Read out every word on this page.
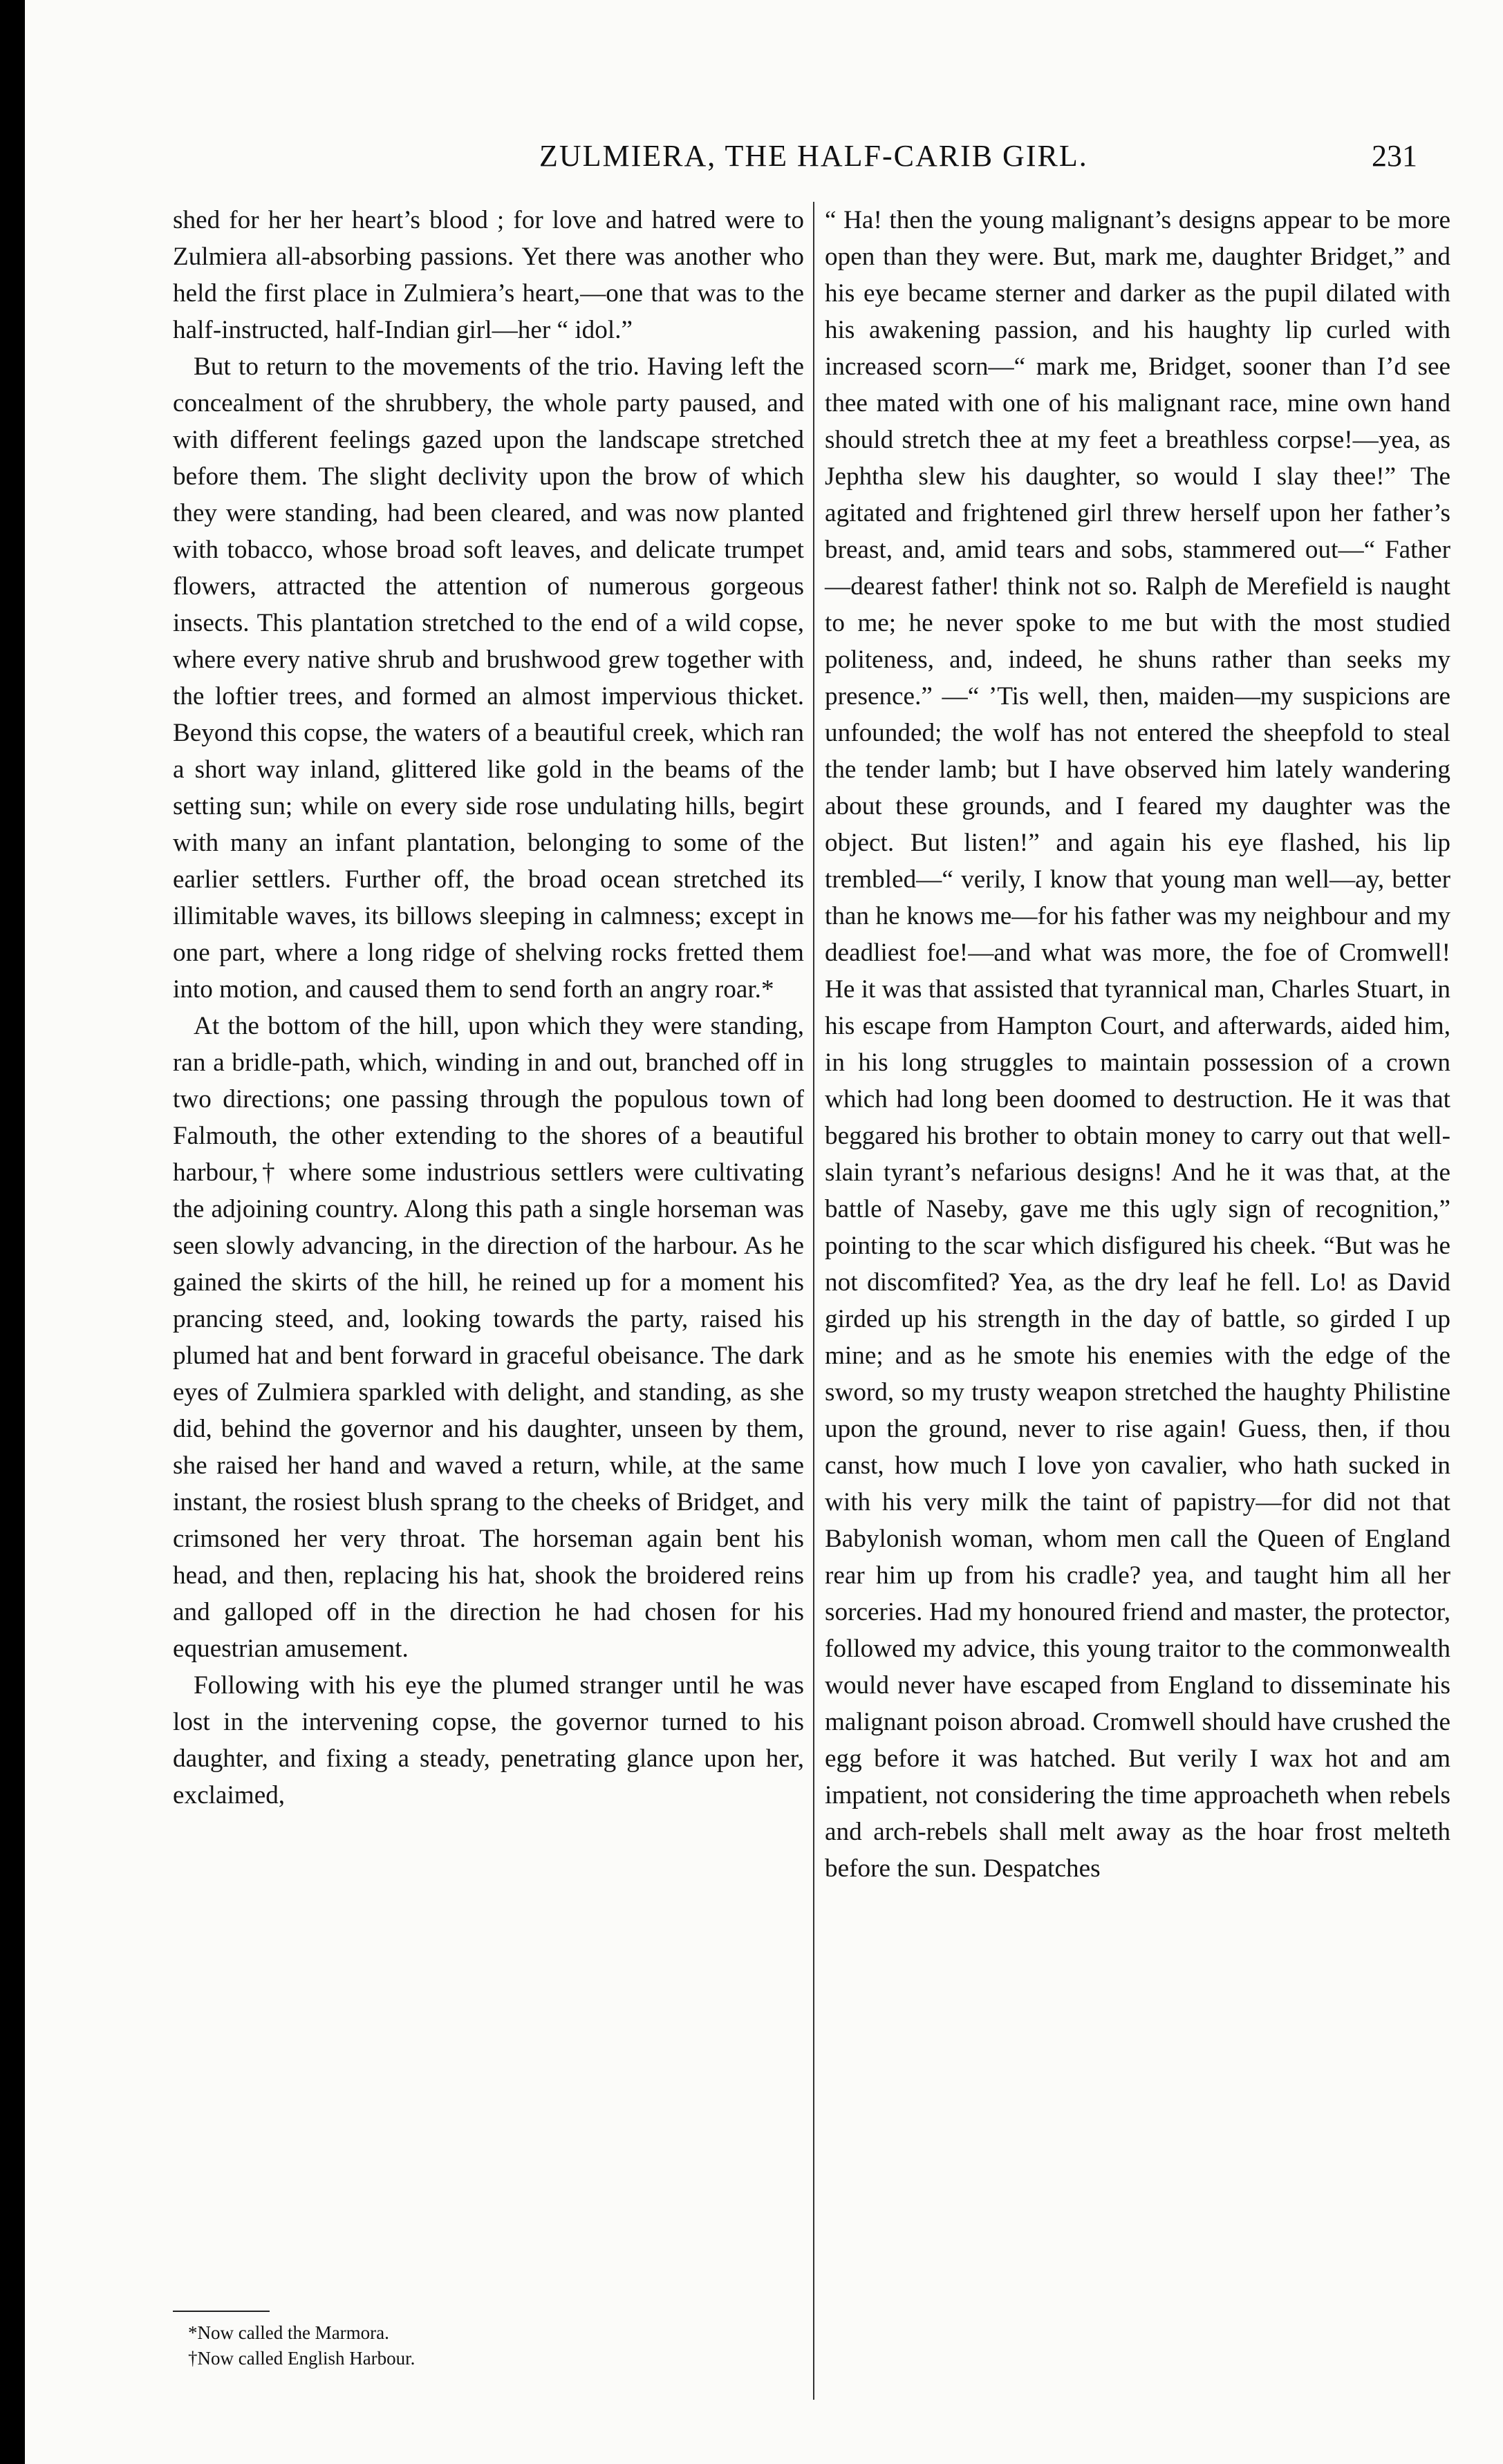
ZULMIERA, THE HALF-CARIB GIRL.	231

shed for her her heart’s blood ; for love and hatred were to Zulmiera all-absorbing passions. Yet there was another who held the first place in Zulmiera’s heart,—one that was to the half-instructed, half-Indian girl—her “ idol.”

But to return to the movements of the trio. Having left the concealment of the shrubbery, the whole party paused, and with different feelings gazed upon the landscape stretched before them. The slight declivity upon the brow of which they were standing, had been cleared, and was now planted with tobacco, whose broad soft leaves, and delicate trumpet flowers, attracted the attention of numerous gorgeous insects. This plantation stretched to the end of a wild copse, where every native shrub and brushwood grew together with the loftier trees, and formed an almost impervious thicket. Beyond this copse, the waters of a beautiful creek, which ran a short way inland, glittered like gold in the beams of the setting sun; while on every side rose undulating hills, begirt with many an infant plantation, belonging to some of the earlier settlers. Further off, the broad ocean stretched its illimitable waves, its billows sleeping in calmness; except in one part, where a long ridge of shelving rocks fretted them into motion, and caused them to send forth an angry roar.*

At the bottom of the hill, upon which they were standing, ran a bridle-path, which, winding in and out, branched off in two directions; one passing through the populous town of Falmouth, the other extending to the shores of a beautiful harbour,† where some industrious settlers were cultivating the adjoining country. Along this path a single horseman was seen slowly advancing, in the direction of the harbour. As he gained the skirts of the hill, he reined up for a moment his prancing steed, and, looking towards the party, raised his plumed hat and bent forward in graceful obeisance. The dark eyes of Zulmiera sparkled with delight, and standing, as she did, behind the governor and his daughter, unseen by them, she raised her hand and waved a return, while, at the same instant, the rosiest blush sprang to the cheeks of Bridget, and crimsoned her very throat. The horseman again bent his head, and then, replacing his hat, shook the broidered reins and galloped off in the direction he had chosen for his equestrian amusement.

Following with his eye the plumed stranger until he was lost in the intervening copse, the governor turned to his daughter, and fixing a steady, penetrating glance upon her, exclaimed,

“ Ha! then the young malignant’s designs appear to be more open than they were. But, mark me, daughter Bridget,” and his eye became sterner and darker as the pupil dilated with his awakening passion, and his haughty lip curled with increased scorn—“ mark me, Bridget, sooner than I’d see thee mated with one of his malignant race, mine own hand should stretch thee at my feet a breathless corpse!—yea, as Jephtha slew his daughter, so would I slay thee!” The agitated and frightened girl threw herself upon her father’s breast, and, amid tears and sobs, stammered out—“ Father—dearest father! think not so. Ralph de Merefield is naught to me; he never spoke to me but with the most studied politeness, and, indeed, he shuns rather than seeks my presence.” —“ ’Tis well, then, maiden—my suspicions are unfounded; the wolf has not entered the sheepfold to steal the tender lamb; but I have observed him lately wandering about these grounds, and I feared my daughter was the object. But listen!” and again his eye flashed, his lip trembled—“ verily, I know that young man well—ay, better than he knows me—for his father was my neighbour and my deadliest foe!—and what was more, the foe of Cromwell! He it was that assisted that tyrannical man, Charles Stuart, in his escape from Hampton Court, and afterwards, aided him, in his long struggles to maintain possession of a crown which had long been doomed to destruction. He it was that beggared his brother to obtain money to carry out that well-slain tyrant’s nefarious designs! And he it was that, at the battle of Naseby, gave me this ugly sign of recognition,” pointing to the scar which disfigured his cheek. “But was he not discomfited? Yea, as the dry leaf he fell. Lo! as David girded up his strength in the day of battle, so girded I up mine; and as he smote his enemies with the edge of the sword, so my trusty weapon stretched the haughty Philistine upon the ground, never to rise again! Guess, then, if thou canst, how much I love yon cavalier, who hath sucked in with his very milk the taint of papistry—for did not that Babylonish woman, whom men call the Queen of England rear him up from his cradle? yea, and taught him all her sorceries. Had my honoured friend and master, the protector, followed my advice, this young traitor to the commonwealth would never have escaped from England to disseminate his malignant poison abroad. Cromwell should have crushed the egg before it was hatched. But verily I wax hot and am impatient, not considering the time approacheth when rebels and arch-rebels shall melt away as the hoar frost melteth before the sun. Despatches

*Now called the Marmora.
†Now called English Harbour.
